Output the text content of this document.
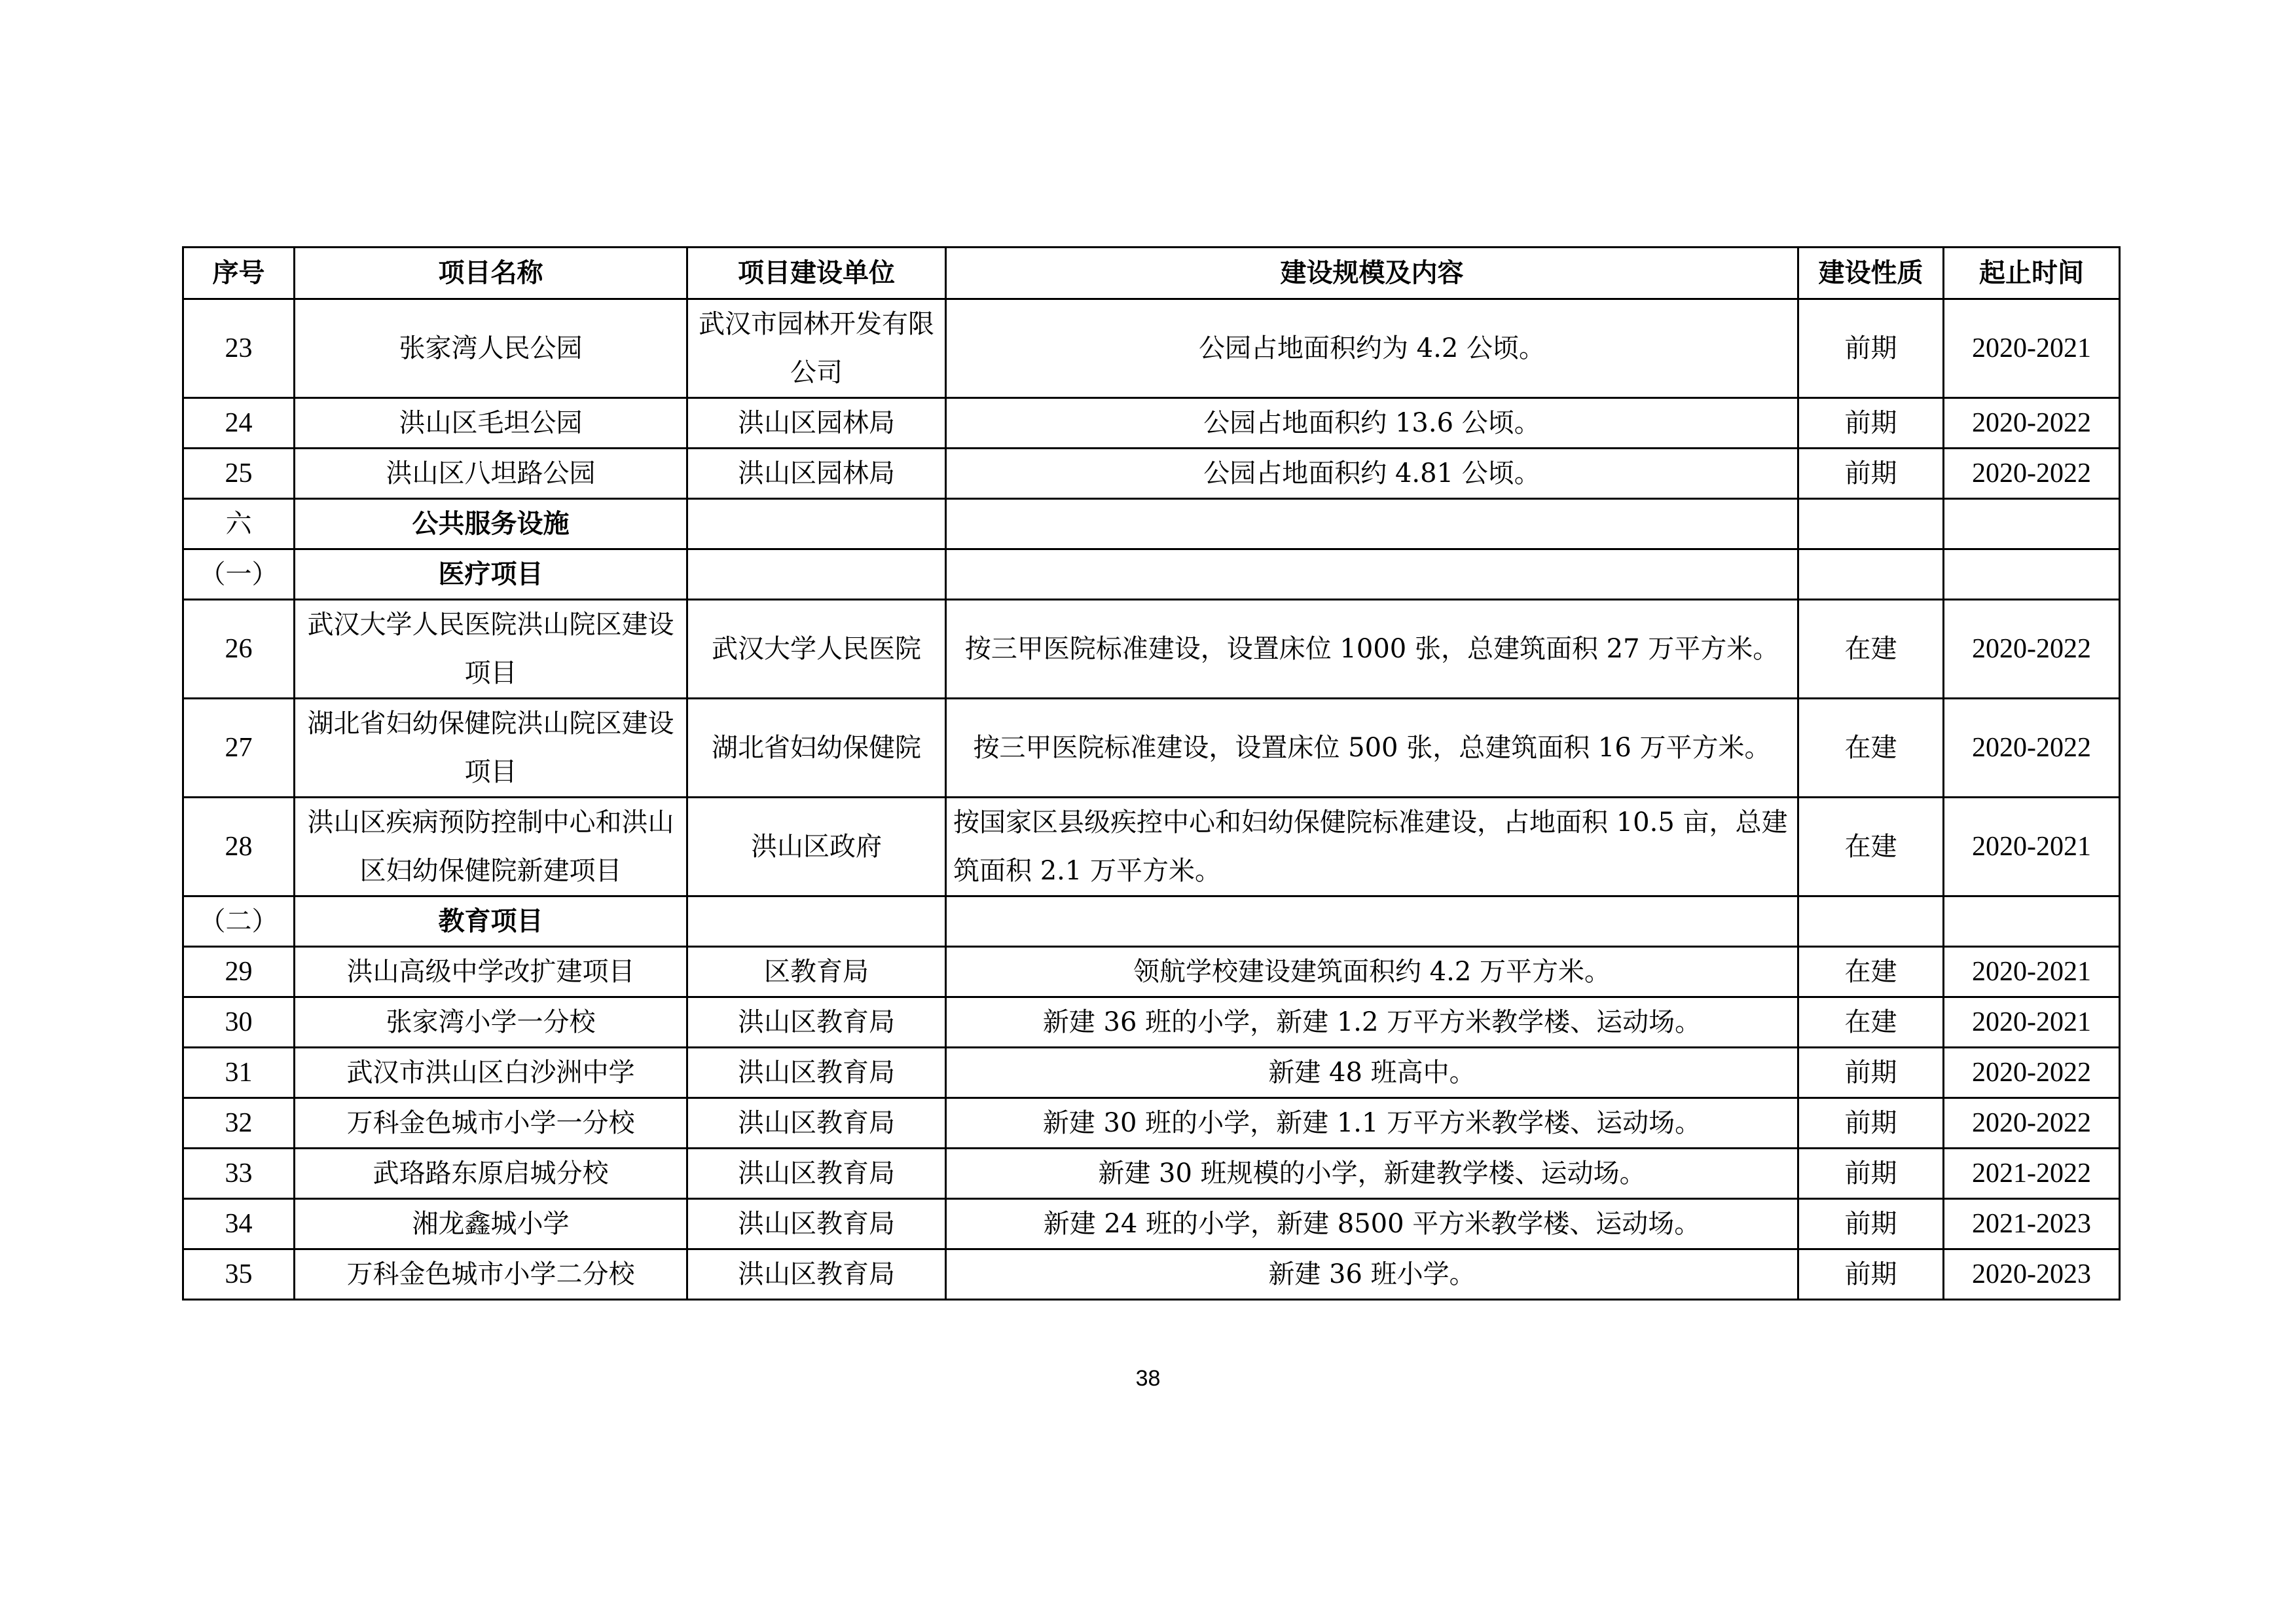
序号	项目名称	项目建设单位	建设规模及内容	建设性质	起止时间
23	张家湾人民公园	武汉市园林开发有限公司	公园占地面积约为 4.2 公顷。	前期	2020-2021
24	洪山区毛坦公园	洪山区园林局	公园占地面积约 13.6 公顷。	前期	2020-2022
25	洪山区八坦路公园	洪山区园林局	公园占地面积约 4.81 公顷。	前期	2020-2022
六	公共服务设施				
（一）	医疗项目				
26	武汉大学人民医院洪山院区建设项目	武汉大学人民医院	按三甲医院标准建设，设置床位 1000 张，总建筑面积 27 万平方米。	在建	2020-2022
27	湖北省妇幼保健院洪山院区建设项目	湖北省妇幼保健院	按三甲医院标准建设，设置床位 500 张，总建筑面积 16 万平方米。	在建	2020-2022
28	洪山区疾病预防控制中心和洪山区妇幼保健院新建项目	洪山区政府	按国家区县级疾控中心和妇幼保健院标准建设，占地面积 10.5 亩，总建筑面积 2.1 万平方米。	在建	2020-2021
（二）	教育项目				
29	洪山高级中学改扩建项目	区教育局	领航学校建设建筑面积约 4.2 万平方米。	在建	2020-2021
30	张家湾小学一分校	洪山区教育局	新建 36 班的小学，新建 1.2 万平方米教学楼、运动场。	在建	2020-2021
31	武汉市洪山区白沙洲中学	洪山区教育局	新建 48 班高中。	前期	2020-2022
32	万科金色城市小学一分校	洪山区教育局	新建 30 班的小学，新建 1.1 万平方米教学楼、运动场。	前期	2020-2022
33	武珞路东原启城分校	洪山区教育局	新建 30 班规模的小学，新建教学楼、运动场。	前期	2021-2022
34	湘龙鑫城小学	洪山区教育局	新建 24 班的小学，新建 8500 平方米教学楼、运动场。	前期	2021-2023
35	万科金色城市小学二分校	洪山区教育局	新建 36 班小学。	前期	2020-2023
38
